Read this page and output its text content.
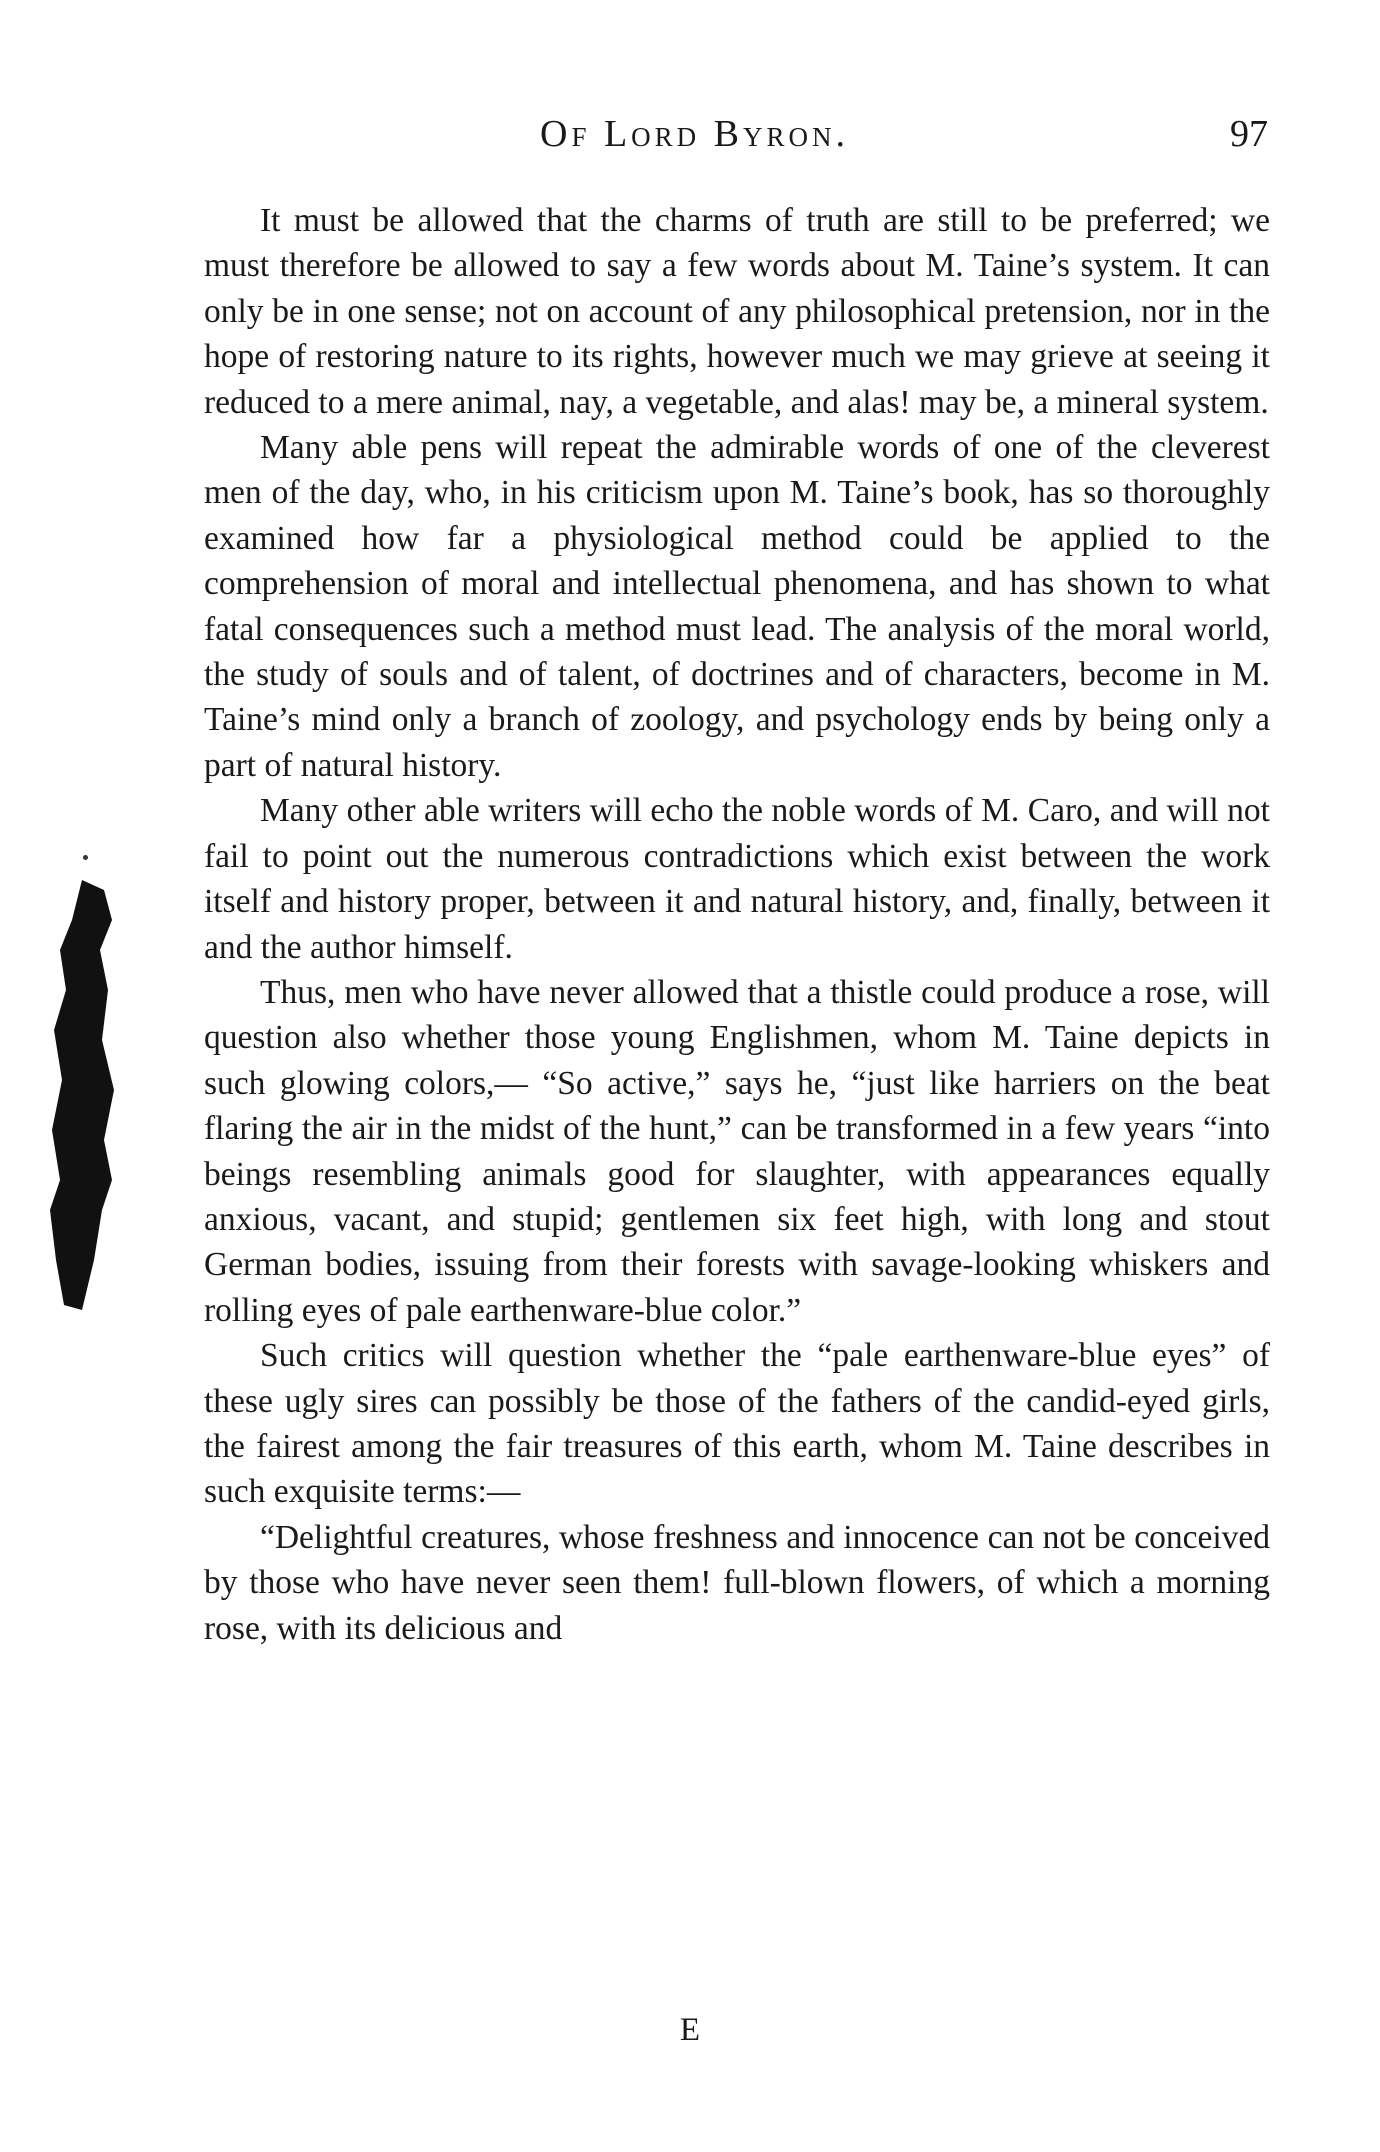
Of Lord Byron.	97

It must be allowed that the charms of truth are still to be preferred; we must therefore be allowed to say a few words about M. Taine’s system. It can only be in one sense; not on account of any philosophical pretension, nor in the hope of restoring nature to its rights, however much we may grieve at seeing it reduced to a mere animal, nay, a vegetable, and alas! may be, a mineral system.

Many able pens will repeat the admirable words of one of the cleverest men of the day, who, in his criticism upon M. Taine’s book, has so thoroughly examined how far a physiological method could be applied to the comprehension of moral and intellectual phenomena, and has shown to what fatal consequences such a method must lead. The analysis of the moral world, the study of souls and of talent, of doctrines and of characters, become in M. Taine’s mind only a branch of zoology, and psychology ends by being only a part of natural history.

Many other able writers will echo the noble words of M. Caro, and will not fail to point out the numerous contradictions which exist between the work itself and history proper, between it and natural history, and, finally, between it and the author himself.

Thus, men who have never allowed that a thistle could produce a rose, will question also whether those young Englishmen, whom M. Taine depicts in such glowing colors,— “So active,” says he, “just like harriers on the beat flaring the air in the midst of the hunt,” can be transformed in a few years “into beings resembling animals good for slaughter, with appearances equally anxious, vacant, and stupid; gentlemen six feet high, with long and stout German bodies, issuing from their forests with savage-looking whiskers and rolling eyes of pale earthenware-blue color.”

Such critics will question whether the “pale earthenware-blue eyes” of these ugly sires can possibly be those of the fathers of the candid-eyed girls, the fairest among the fair treasures of this earth, whom M. Taine describes in such exquisite terms:—

“Delightful creatures, whose freshness and innocence can not be conceived by those who have never seen them! full-blown flowers, of which a morning rose, with its delicious and

E
